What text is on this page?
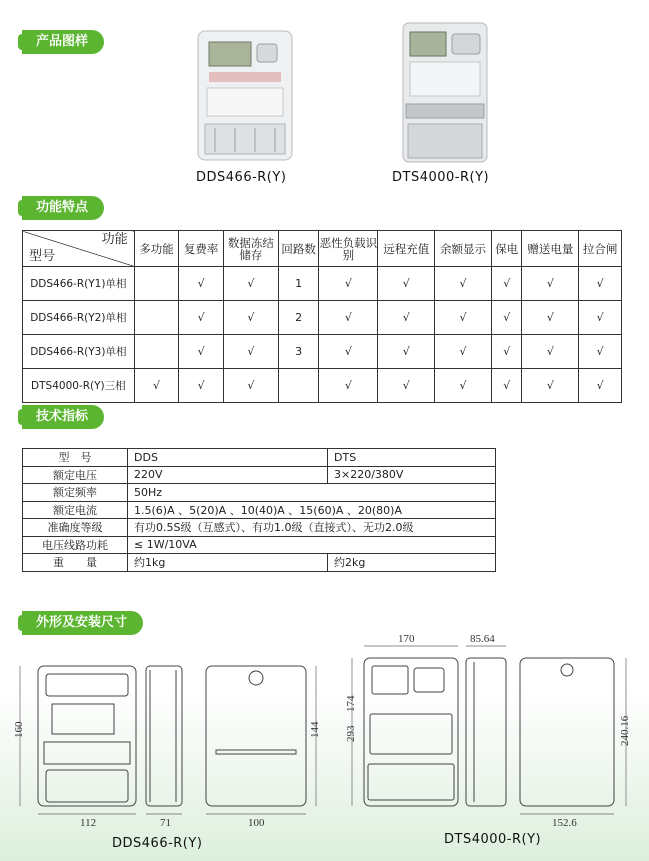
产品图样
功能特点
技术指标
外形及安装尺寸
DDS466-R(Y)	DTS4000-R(Y)
功能
型号	多功能	复费率	数据冻结储存	回路数	恶性负载识别	远程充值	余额显示	保电	赠送电量	拉合闸
DDS466-R(Y1)单相		√	√	1	√	√	√	√	√	√
DDS466-R(Y2)单相		√	√	2	√	√	√	√	√	√
DDS466-R(Y3)单相		√	√	3	√	√	√	√	√	√
DTS4000-R(Y)三相	√	√	√		√	√	√	√	√	√
型　号	DDS	DTS
额定电压	220V	3×220/380V
额定频率	50Hz	
额定电流	1.5(6)A 、5(20)A 、10(40)A 、15(60)A 、20(80)A	
准确度等级	有功0.5S级（互感式）、有功1.0级（直接式）、无功2.0级	
电压线路功耗	≤ 1W/10VA	
重　　量	约1kg	约2kg
112
160
71	100
144
170
293
174
85.64
152.6
240.16
DDS466-R(Y)	DTS4000-R(Y)
